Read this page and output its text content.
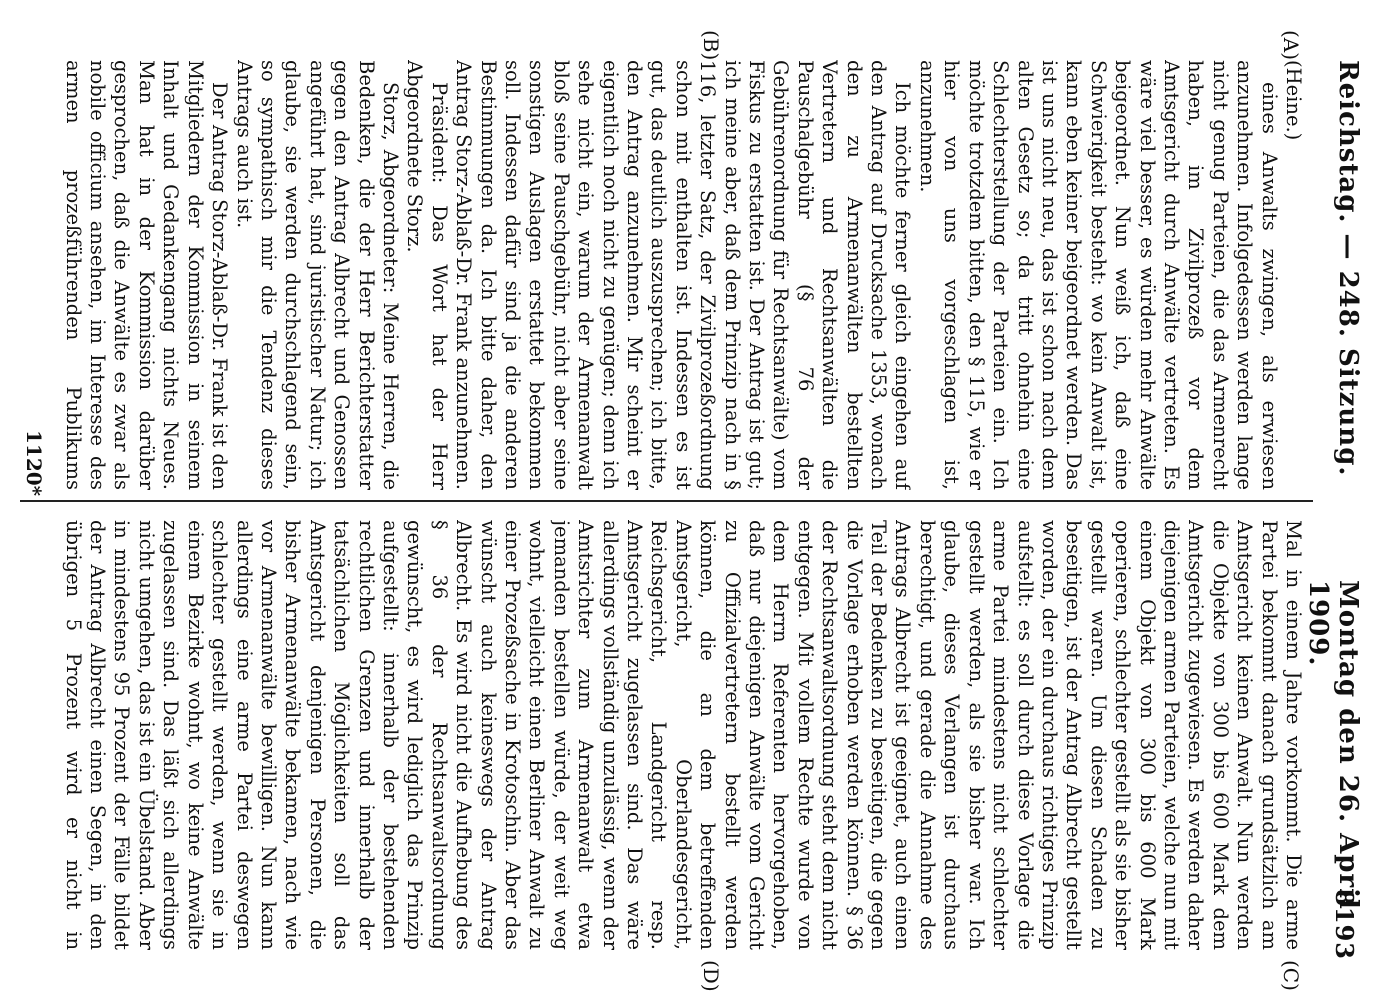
Reichstag. — 248. Sitzung.
Montag den 26. April 1909.
8193
(A)
(B)
(C)
(D)

(Heine.)

eines Anwalts zwingen, als erwiesen anzunehmen. Infolgedessen werden lange nicht genug Parteien, die das Armenrecht haben, im Zivilprozeß vor dem Amtsgericht durch Anwälte vertreten. Es wäre viel besser, es würden mehr Anwälte beigeordnet. Nun weiß ich, daß eine Schwierigkeit besteht: wo kein Anwalt ist, kann eben keiner beigeordnet werden. Das ist uns nicht neu, das ist schon nach dem alten Gesetz so; da tritt ohnehin eine Schlechterstellung der Parteien ein. Ich möchte trotzdem bitten, den § 115, wie er hier von uns vorgeschlagen ist, anzunehmen.

Ich möchte ferner gleich eingehen auf den Antrag auf Drucksache 1353, wonach den zu Armenanwälten bestellten Vertretern und Rechtsanwälten die Pauschalgebühr (§ 76 der Gebührenordnung für Rechtsanwälte) vom Fiskus zu erstatten ist. Der Antrag ist gut; ich meine aber, daß dem Prinzip nach in § 116, letzter Satz, der Zivilprozeßordnung schon mit enthalten ist. Indessen es ist gut, das deutlich auszusprechen; ich bitte, den Antrag anzunehmen. Mir scheint er eigentlich noch nicht zu genügen; denn ich sehe nicht ein, warum der Armenanwalt bloß seine Pauschgebühr, nicht aber seine sonstigen Auslagen erstattet bekommen soll. Indessen dafür sind ja die anderen Bestimmungen da. Ich bitte daher, den Antrag Storz-Ablaß-Dr. Frank anzunehmen.

Präsident: Das Wort hat der Herr Abgeordnete Storz.

Storz, Abgeordneter: Meine Herren, die Bedenken, die der Herr Berichterstatter gegen den Antrag Albrecht und Genossen angeführt hat, sind juristischer Natur; ich glaube, sie werden durchschlagend sein, so sympathisch mir die Tendenz dieses Antrags auch ist.

Der Antrag Storz-Ablaß-Dr. Frank ist den Mitgliedern der Kommission in seinem Inhalt und Gedankengang nichts Neues. Man hat in der Kommission darüber gesprochen, daß die Anwälte es zwar als nobile officium ansehen, im Interesse des armen prozeßführenden Publikums

Mal in einem Jahre vorkommt. Die arme Partei bekommt danach grundsätzlich am Amtsgericht keinen Anwalt. Nun werden die Objekte von 300 bis 600 Mark dem Amtsgericht zugewiesen. Es werden daher diejenigen armen Parteien, welche nun mit einem Objekt von 300 bis 600 Mark operieren, schlechter gestellt als sie bisher gestellt waren. Um diesen Schaden zu beseitigen, ist der Antrag Albrecht gestellt worden, der ein durchaus richtiges Prinzip aufstellt: es soll durch diese Vorlage die arme Partei mindestens nicht schlechter gestellt werden, als sie bisher war. Ich glaube, dieses Verlangen ist durchaus berechtigt, und gerade die Annahme des Antrags Albrecht ist geeignet, auch einen Teil der Bedenken zu beseitigen, die gegen die Vorlage erhoben werden können. § 36 der Rechtsanwaltsordnung steht dem nicht entgegen. Mit vollem Rechte wurde von dem Herrn Referenten hervorgehoben, daß nur diejenigen Anwälte vom Gericht zu Offizialvertretern bestellt werden können, die an dem betreffenden Amtsgericht, Oberlandesgericht, Reichsgericht, Landgericht resp. Amtsgericht zugelassen sind. Das wäre allerdings vollständig unzulässig, wenn der Amtsrichter zum Armenanwalt etwa jemanden bestellen würde, der weit weg wohnt, vielleicht einen Berliner Anwalt zu einer Prozeßsache in Krotoschin. Aber das wünscht auch keineswegs der Antrag Albrecht. Es wird nicht die Aufhebung des § 36 der Rechtsanwaltsordnung gewünscht, es wird lediglich das Prinzip aufgestellt: innerhalb der bestehenden rechtlichen Grenzen und innerhalb der tatsächlichen Möglichkeiten soll das Amtsgericht denjenigen Personen, die bisher Armenanwälte bekamen, nach wie vor Armenanwälte bewilligen. Nun kann allerdings eine arme Partei deswegen schlechter gestellt werden, wenn sie in einem Bezirke wohnt, wo keine Anwälte zugelassen sind. Das läßt sich allerdings nicht umgehen, das ist ein Übelstand. Aber in mindestens 95 Prozent der Fälle bildet der Antrag Albrecht einen Segen, in den übrigen 5 Prozent wird er nicht in

1120*
